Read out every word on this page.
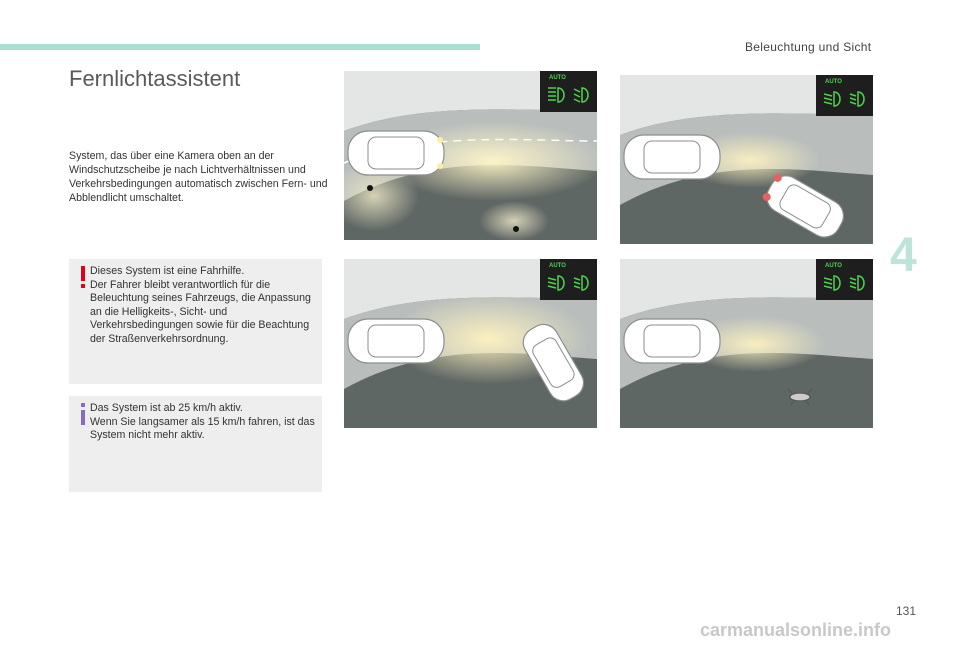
Beleuchtung und Sicht
4
Fernlichtassistent

System, das über eine Kamera oben an der Windschutzscheibe je nach Lichtverhältnissen und Verkehrsbedingungen automatisch zwischen Fern- und Abblendlicht umschaltet.

Dieses System ist eine Fahrhilfe.
Der Fahrer bleibt verantwortlich für die Beleuchtung seines Fahrzeugs, die Anpassung an die Helligkeits-, Sicht- und Verkehrsbedingungen sowie für die Beachtung der Straßenverkehrsordnung.

Das System ist ab 25 km/h aktiv.
Wenn Sie langsamer als 15 km/h fahren, ist das System nicht mehr aktiv.

AUTO
AUTO
AUTO	AUTO
131
carmanualsonline.info
